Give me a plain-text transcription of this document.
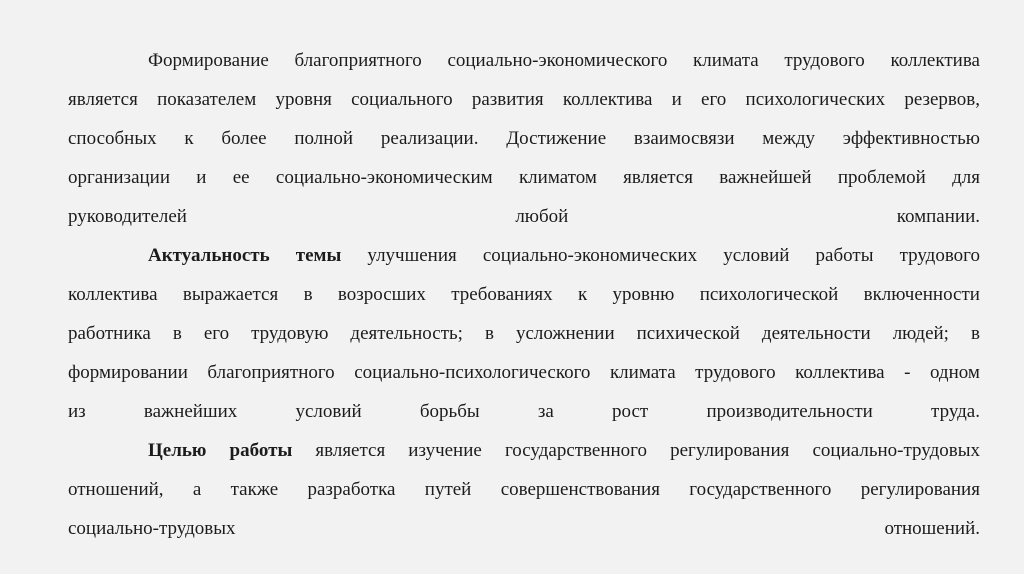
Формирование благоприятного социально-экономического климата трудового коллектива
является показателем уровня социального развития коллектива и его психологических резервов,
способных к более полной реализации. Достижение взаимосвязи между эффективностью
организации и ее социально-экономическим климатом является важнейшей проблемой для
руководителей	любой	компании.
Актуальность темы улучшения социально-экономических условий работы трудового
коллектива выражается в возросших требованиях к уровню психологической включенности
работника в его трудовую деятельность; в усложнении психической деятельности людей; в
формировании благоприятного социально-психологического климата трудового коллектива - одном
из	важнейших	условий	борьбы	за	рост	производительности	труда.
Целью работы является изучение государственного регулирования социально-трудовых
отношений, а также разработка путей совершенствования государственного регулирования
социально-трудовых	отношений.
